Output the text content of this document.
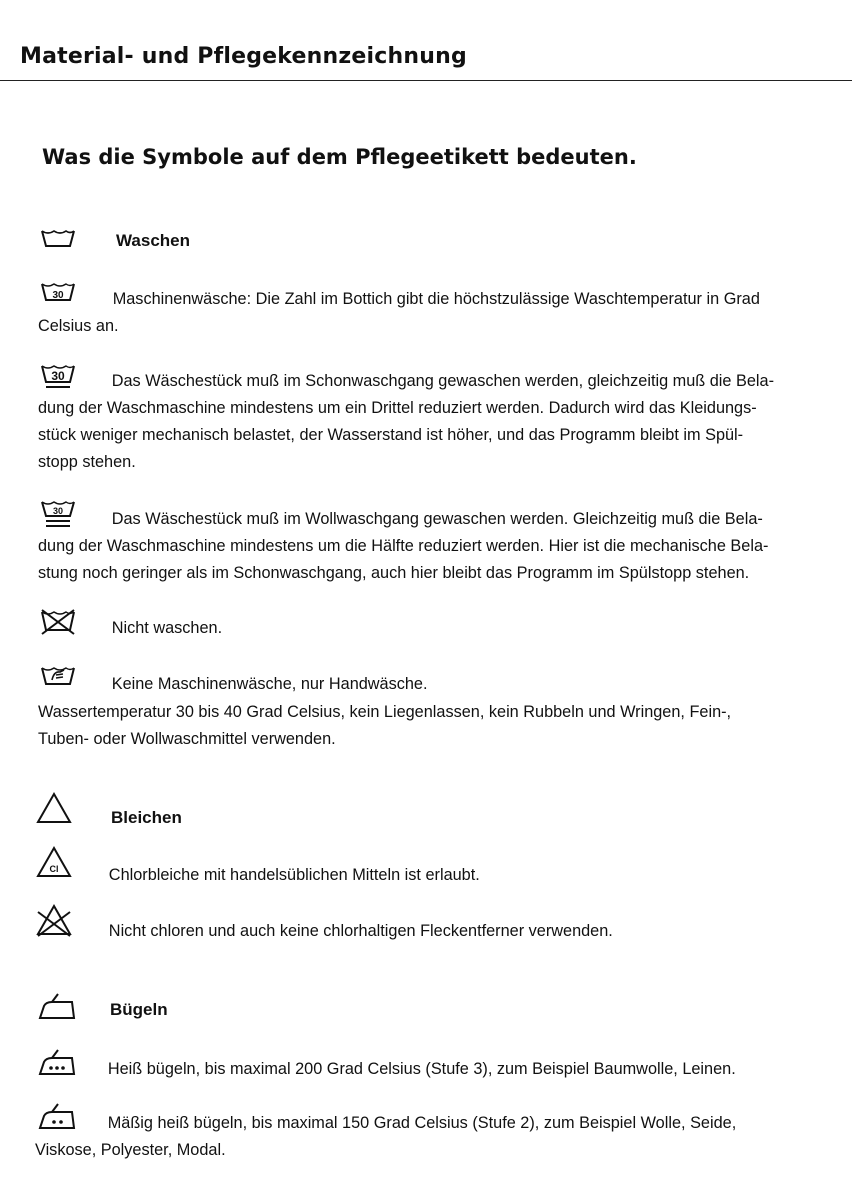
Material- und Pflegekennzeichnung
Was die Symbole auf dem Pflegeetikett bedeuten.
Waschen
30	Maschinenwäsche: Die Zahl im Bottich gibt die höchstzulässige Waschtemperatur in Grad
Celsius an.
30	Das Wäschestück muß im Schonwaschgang gewaschen werden, gleichzeitig muß die Bela-
dung der Waschmaschine mindestens um ein Drittel reduziert werden. Dadurch wird das Kleidungs-
stück weniger mechanisch belastet, der Wasserstand ist höher, und das Programm bleibt im Spül-
stopp stehen.
30	Das Wäschestück muß im Wollwaschgang gewaschen werden. Gleichzeitig muß die Bela-
dung der Waschmaschine mindestens um die Hälfte reduziert werden. Hier ist die mechanische Bela-
stung noch geringer als im Schonwaschgang, auch hier bleibt das Programm im Spülstopp stehen.
Nicht waschen.
Keine Maschinenwäsche, nur Handwäsche.
Wassertemperatur 30 bis 40 Grad Celsius, kein Liegenlassen, kein Rubbeln und Wringen, Fein-,
Tuben- oder Wollwaschmittel verwenden.
Bleichen
Cl	Chlorbleiche mit handelsüblichen Mitteln ist erlaubt.
Nicht chloren und auch keine chlorhaltigen Fleckentferner verwenden.
Bügeln
Heiß bügeln, bis maximal 200 Grad Celsius (Stufe 3), zum Beispiel Baumwolle, Leinen.
Mäßig heiß bügeln, bis maximal 150 Grad Celsius (Stufe 2), zum Beispiel Wolle, Seide,
Viskose, Polyester, Modal.
